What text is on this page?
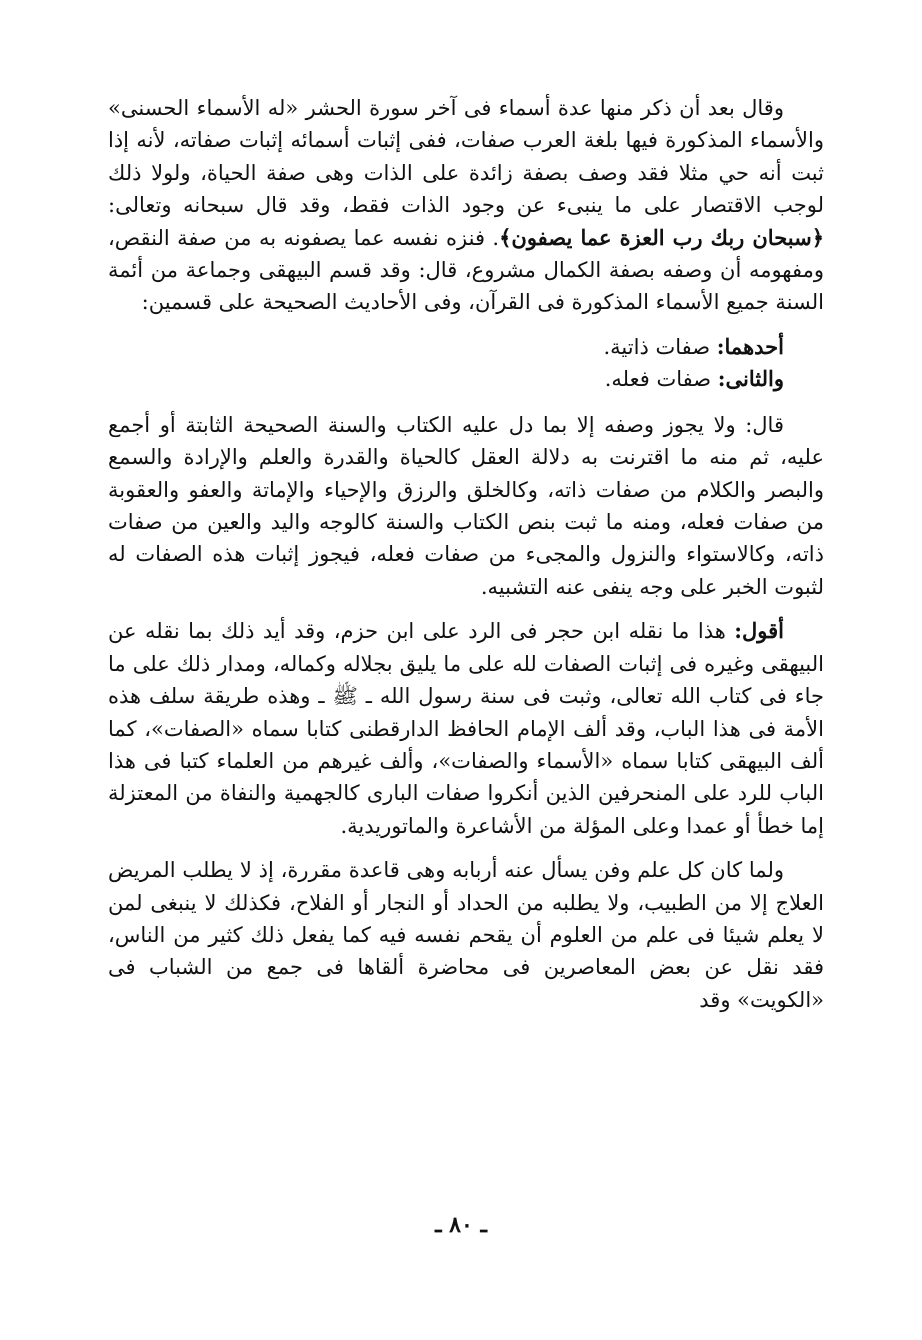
وقال بعد أن ذكر منها عدة أسماء فى آخر سورة الحشر «له الأسماء الحسنى» والأسماء المذكورة فيها بلغة العرب صفات، ففى إثبات أسمائه إثبات صفاته، لأنه إذا ثبت أنه حي مثلا فقد وصف بصفة زائدة على الذات وهى صفة الحياة، ولولا ذلك لوجب الاقتصار على ما ينبىء عن وجود الذات فقط، وقد قال سبحانه وتعالى: ﴿سبحان ربك رب العزة عما يصفون﴾. فنزه نفسه عما يصفونه به من صفة النقص، ومفهومه أن وصفه بصفة الكمال مشروع، قال: وقد قسم البيهقى وجماعة من أئمة السنة جميع الأسماء المذكورة فى القرآن، وفى الأحاديث الصحيحة على قسمين:

أحدهما: صفات ذاتية.

والثانى: صفات فعله.

قال: ولا يجوز وصفه إلا بما دل عليه الكتاب والسنة الصحيحة الثابتة أو أجمع عليه، ثم منه ما اقترنت به دلالة العقل كالحياة والقدرة والعلم والإرادة والسمع والبصر والكلام من صفات ذاته، وكالخلق والرزق والإحياء والإماتة والعفو والعقوبة من صفات فعله، ومنه ما ثبت بنص الكتاب والسنة كالوجه واليد والعين من صفات ذاته، وكالاستواء والنزول والمجىء من صفات فعله، فيجوز إثبات هذه الصفات له لثبوت الخبر على وجه ينفى عنه التشبيه.

أقول: هذا ما نقله ابن حجر فى الرد على ابن حزم، وقد أيد ذلك بما نقله عن البيهقى وغيره فى إثبات الصفات لله على ما يليق بجلاله وكماله، ومدار ذلك على ما جاء فى كتاب الله تعالى، وثبت فى سنة رسول الله ـ ﷺ ـ وهذه طريقة سلف هذه الأمة فى هذا الباب، وقد ألف الإمام الحافظ الدارقطنى كتابا سماه «الصفات»، كما ألف البيهقى كتابا سماه «الأسماء والصفات»، وألف غيرهم من العلماء كتبا فى هذا الباب للرد على المنحرفين الذين أنكروا صفات البارى كالجهمية والنفاة من المعتزلة إما خطأ أو عمدا وعلى المؤلة من الأشاعرة والماتوريدية.

ولما كان كل علم وفن يسأل عنه أربابه وهى قاعدة مقررة، إذ لا يطلب المريض العلاج إلا من الطبيب، ولا يطلبه من الحداد أو النجار أو الفلاح، فكذلك لا ينبغى لمن لا يعلم شيئا فى علم من العلوم أن يقحم نفسه فيه كما يفعل ذلك كثير من الناس، فقد نقل عن بعض المعاصرين فى محاضرة ألقاها فى جمع من الشباب فى «الكويت» وقد

ـ ٨٠ ـ
